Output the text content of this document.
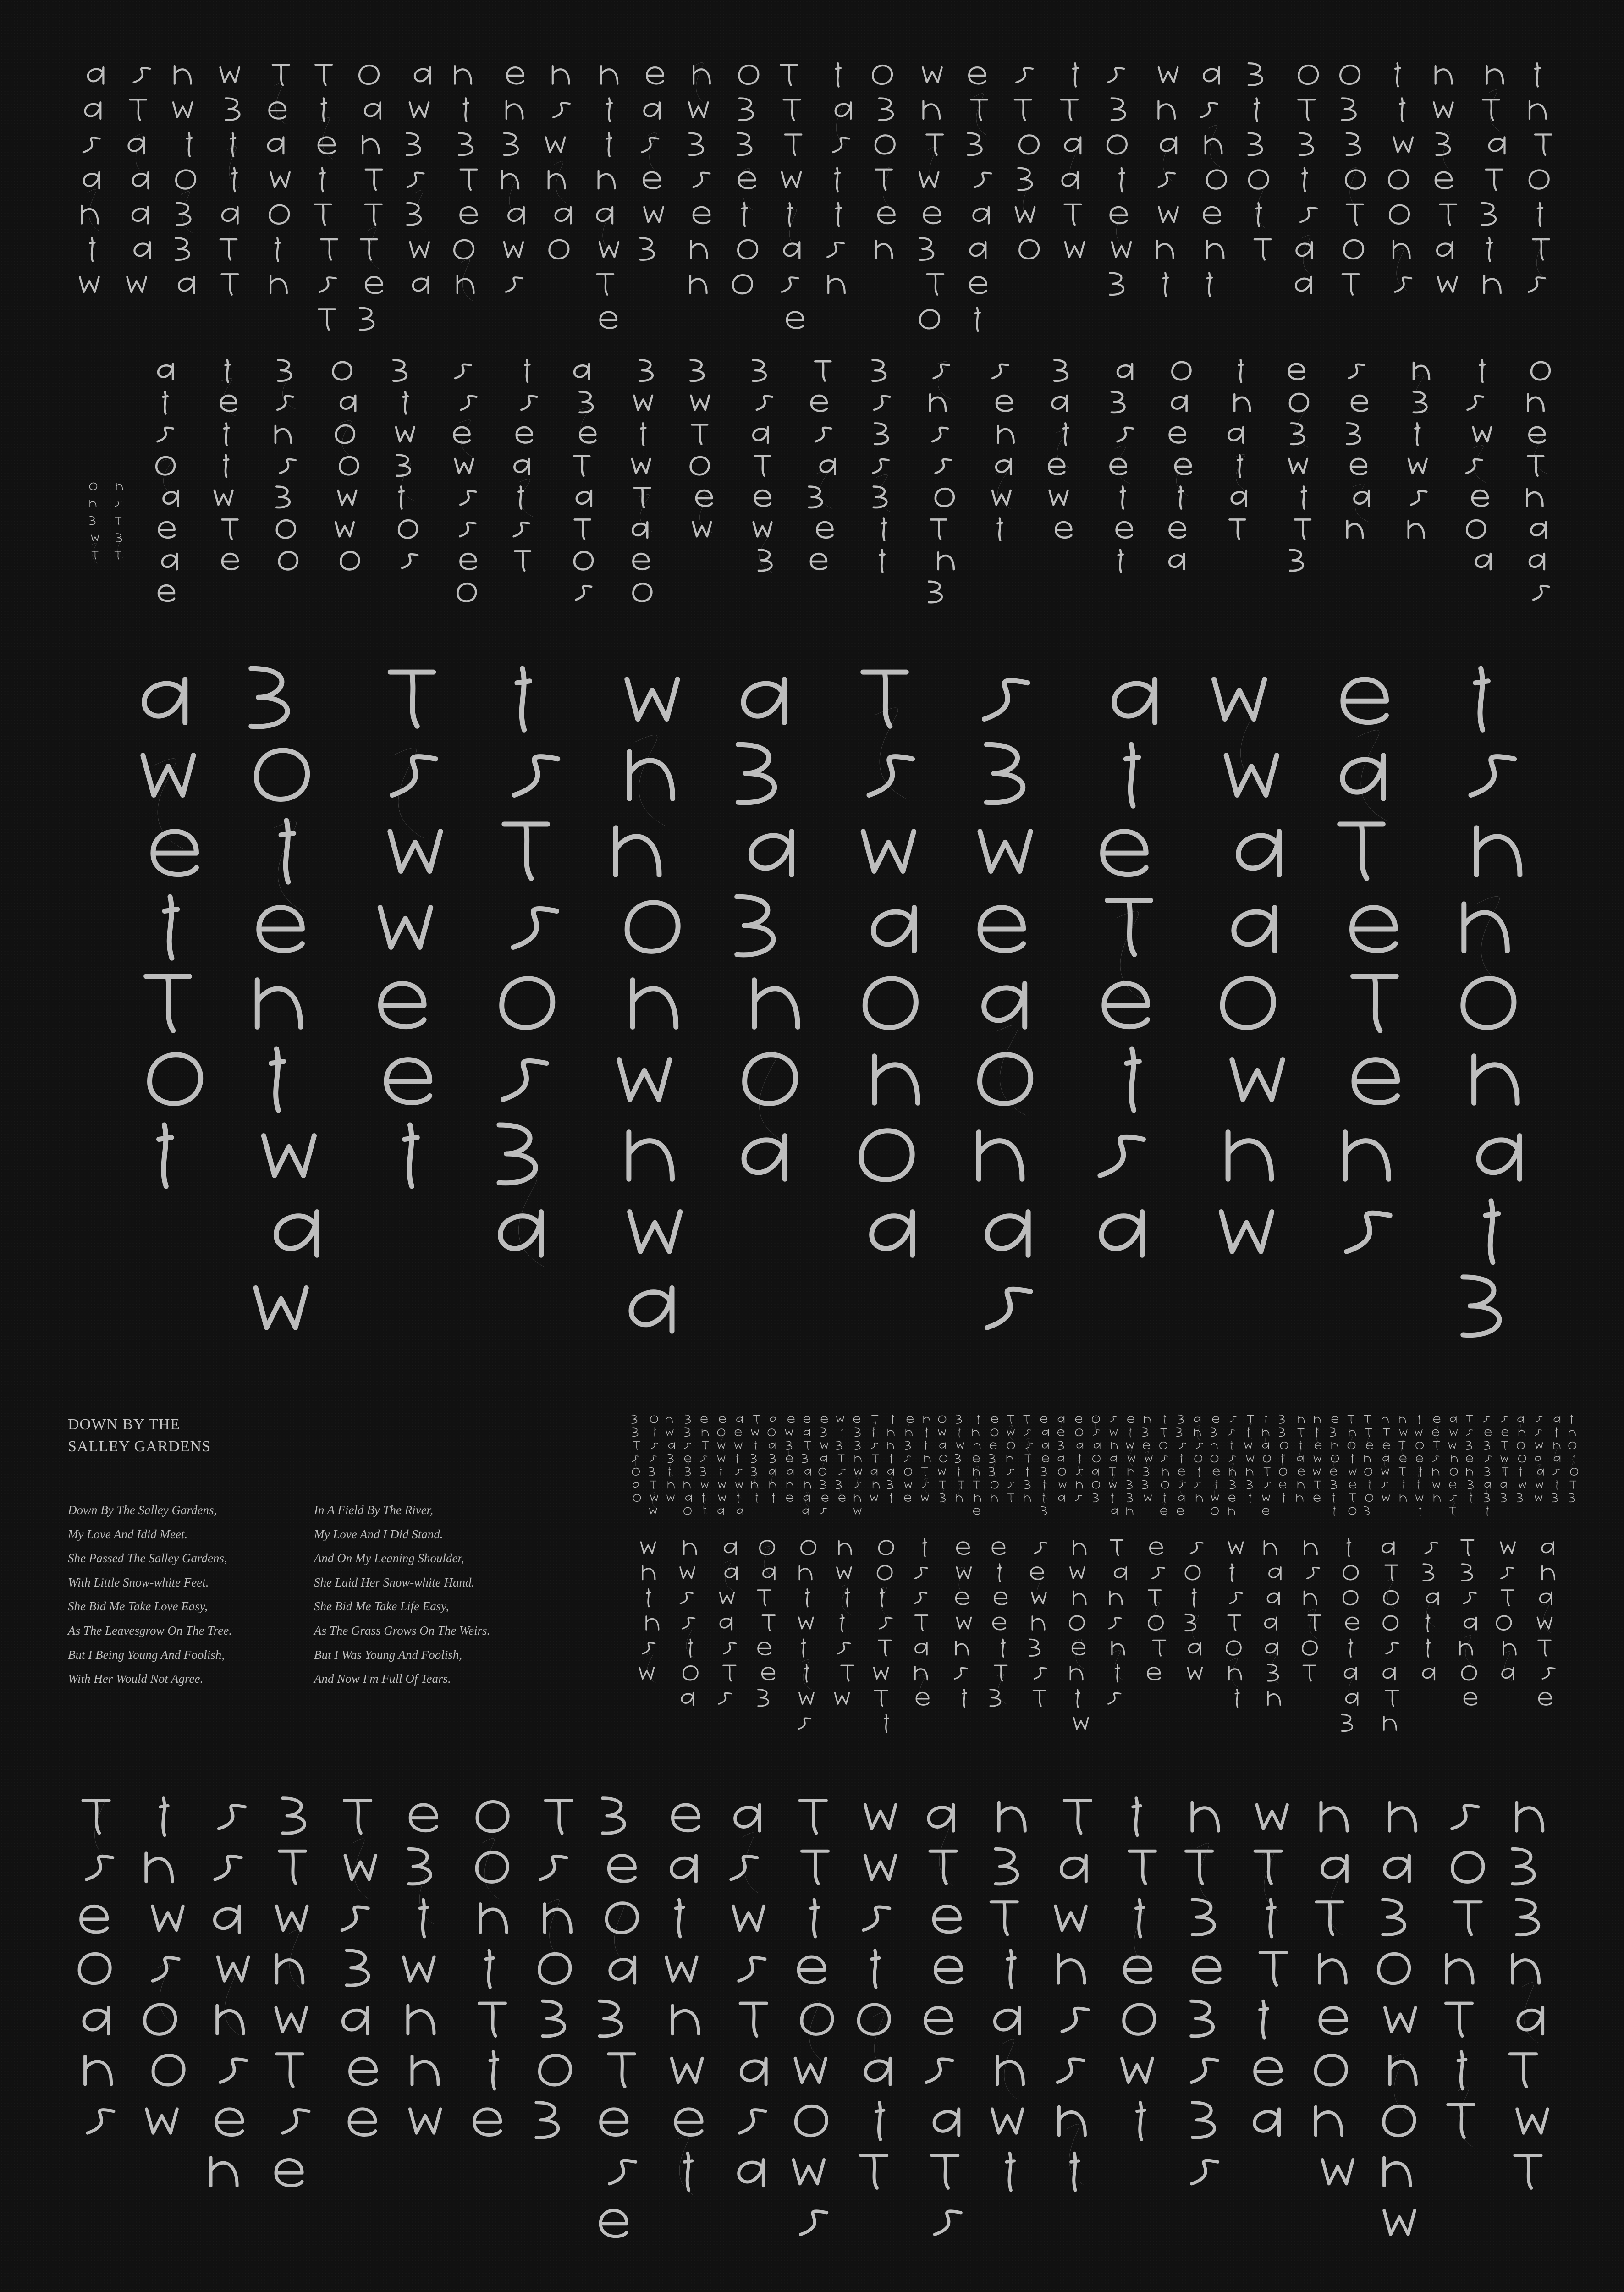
DOWN BY THE
SALLEY GARDENS
Down By The Salley Gardens,
My Love And Idid Meet.
She Passed The Salley Gardens,
With Little Snow-white Feet.
She Bid Me Take Love Easy,
As The Leavesgrow On The Tree.
But I Being Young And Foolish,
With Her Would Not Agree.
In A Field By The River,
My Love And I Did Stand.
And On My Leaning Shoulder,
She Laid Her Snow-white Hand.
She Bid Me Take Life Easy,
As The Grass Grows On The Weirs.
But I Was Young And Foolish,
And Now I'm Full Of Tears.
